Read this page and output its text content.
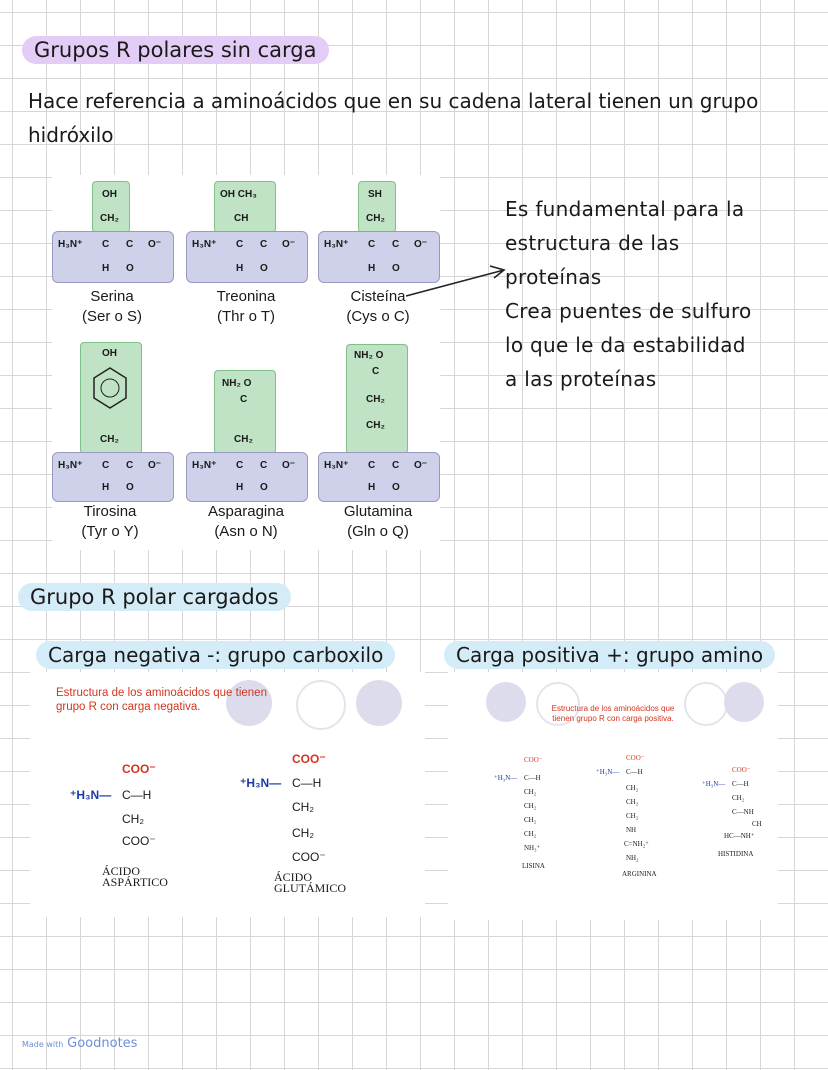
Grupos R polares sin carga
Hace referencia a aminoácidos que en su cadena lateral tienen un grupo hidróxilo
OH
CH₂
H₃N⁺ C C O⁻
H O
Serina
(Ser o S)
OH CH₃
CH
H₃N⁺ C C O⁻
H O
Treonina
(Thr o T)
SH
CH₂
H₃N⁺ C C O⁻
H O
Cisteína
(Cys o C)
OH
CH₂
H₃N⁺ C C O⁻
H O
Tirosina
(Tyr o Y)
NH₂ O
C
CH₂
H₃N⁺ C C O⁻
H O
Asparagina
(Asn o N)
NH₂ O
C
CH₂
CH₂
H₃N⁺ C C O⁻
H O
Glutamina
(Gln o Q)
Es fundamental para la
estructura de las
proteínas
Crea puentes de sulfuro
lo que le da estabilidad
a las proteínas
Grupo R polar cargados
Carga negativa -: grupo carboxilo	Carga positiva +: grupo amino
Estructura de los aminoácidos que tienen grupo R con carga negativa.
COO⁻
⁺H₃N— C—H
CH₂
COO⁻
ÁCIDO
ASPÁRTICO
COO⁻
⁺H₃N— C—H
CH₂
CH₂
COO⁻
ÁCIDO
GLUTÁMICO
Estructura de los aminoácidos que tienen grupo R con carga positiva.
COO⁻
⁺H₃N— C—H
CH₂
CH₂
CH₂
CH₂
NH₃⁺
LISINA
COO⁻
⁺H₃N— C—H
CH₂
CH₂
CH₂
NH
C=NH₂⁺
NH₂
ARGININA
COO⁻
⁺H₃N— C—H
CH₂
C—NH
CH
HC—NH⁺
HISTIDINA
Made with Goodnotes
